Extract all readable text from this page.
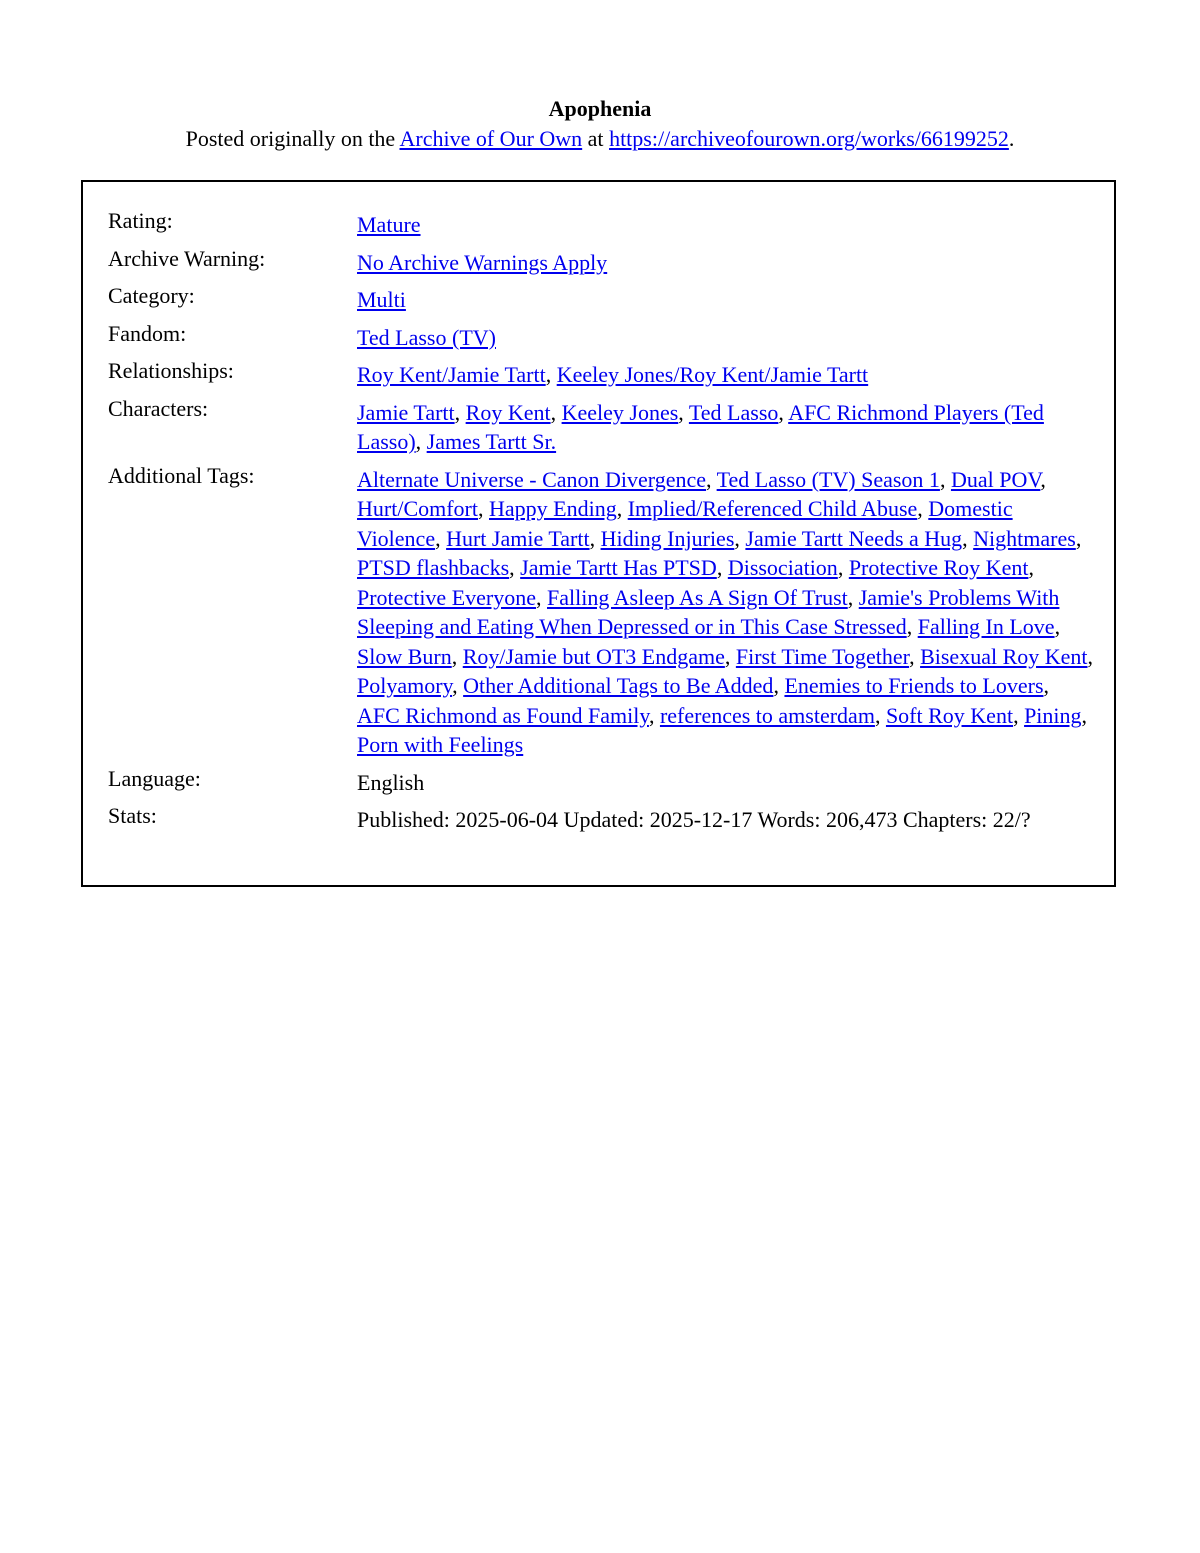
Apophenia
Posted originally on the Archive of Our Own at https://archiveofourown.org/works/66199252.
Rating:	Mature
Archive Warning:	No Archive Warnings Apply
Category:	Multi
Fandom:	Ted Lasso (TV)
Relationships:	Roy Kent/Jamie Tartt, Keeley Jones/Roy Kent/Jamie Tartt
Characters:	Jamie Tartt, Roy Kent, Keeley Jones, Ted Lasso, AFC Richmond Players (Ted Lasso), James Tartt Sr.
Additional Tags:	Alternate Universe - Canon Divergence, Ted Lasso (TV) Season 1, Dual POV, Hurt/Comfort, Happy Ending, Implied/Referenced Child Abuse, Domestic Violence, Hurt Jamie Tartt, Hiding Injuries, Jamie Tartt Needs a Hug, Nightmares, PTSD flashbacks, Jamie Tartt Has PTSD, Dissociation, Protective Roy Kent, Protective Everyone, Falling Asleep As A Sign Of Trust, Jamie's Problems With Sleeping and Eating When Depressed or in This Case Stressed, Falling In Love, Slow Burn, Roy/Jamie but OT3 Endgame, First Time Together, Bisexual Roy Kent, Polyamory, Other Additional Tags to Be Added, Enemies to Friends to Lovers, AFC Richmond as Found Family, references to amsterdam, Soft Roy Kent, Pining, Porn with Feelings
Language:	English
Stats:	Published: 2025-06-04 Updated: 2025-12-17 Words: 206,473 Chapters: 22/?
